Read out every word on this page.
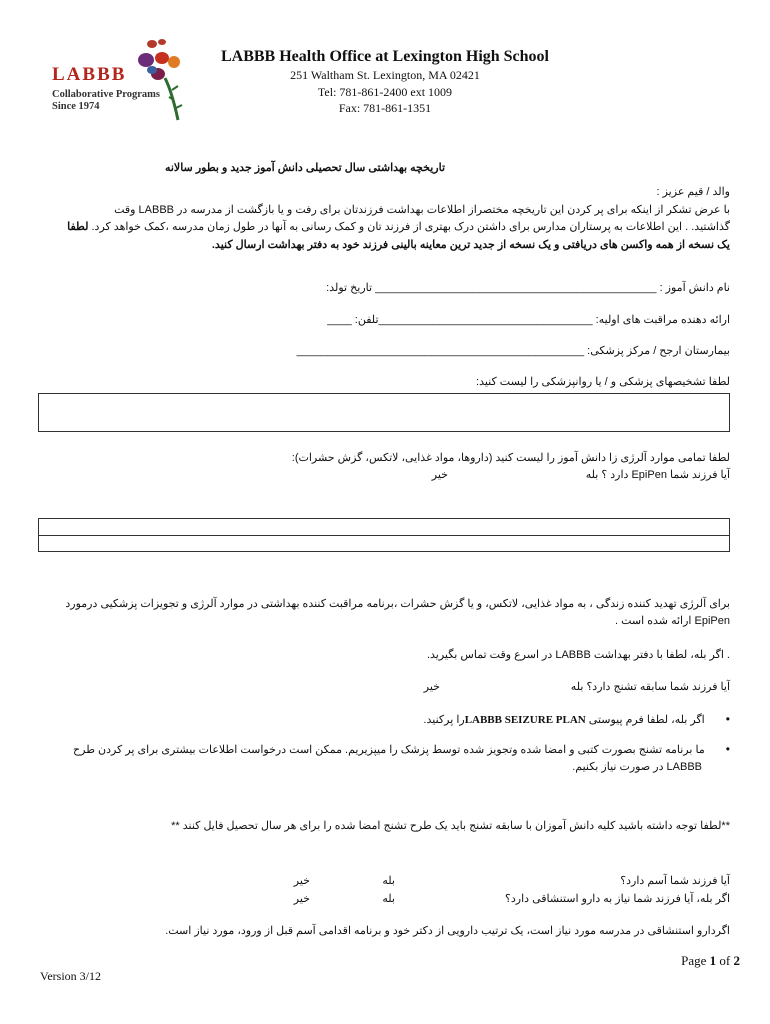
LABBB
Collaborative Programs
Since 1974
LABBB Health Office at Lexington High School
251 Waltham St. Lexington, MA 02421
Tel: 781-861-2400 ext 1009
Fax: 781-861-1351
تاریخچه بهداشتی سال تحصیلی دانش آموز جدید و بطور سالانه
والد / قیم عزیز :
با عرض تشکر از اینکه برای پر کردن این تاریخچه مختصراز اطلاعات بهداشت فرزندتان برای رفت و یا بازگشت از مدرسه در LABBB وقت
گذاشتید. . این اطلاعات به پرستاران مدارس برای داشتن درک بهتری از فرزند تان و کمک رسانی به آنها در طول زمان مدرسه ،کمک خواهد کرد. لطفا
یک نسخه از همه واکسن های دریافتی و یک نسخه از جدید ترین معاینه بالینی فرزند خود به دفتر بهداشت ارسال کنید.
نام دانش آموز : ______________________________________________ تاریخ تولد:
ارائه دهنده مراقبت های اولیه: ___________________________________تلفن: ____
بیمارستان ارجح / مرکز پزشکی: _______________________________________________
لطفا تشخیصهای پزشکی و / یا روانپزشکی را لیست کنید:
لطفا تمامی موارد آلرژی زا دانش آموز را لیست کنید (داروها، مواد غذایی، لاتکس، گزش حشرات):
آیا فرزند شما EpiPen دارد ؟ بله
خیر
برای آلرژی تهدید کننده زندگی ، به مواد غذایی، لاتکس، و یا گزش حشرات ،برنامه مراقبت کننده بهداشتی در موارد آلرژی و تجویزات پزشکیی درمورد
EpiPen ارائه شده است .
. اگر بله، لطفا با دفتر بهداشت LABBB در اسرع وقت تماس بگیرید.
آیا فرزند شما سابقه تشنج دارد؟ بله
خیر
• اگر بله، لطفا فرم پیوستی LABBB SEIZURE PLANرا پرکنید.
• ما برنامه تشنج بصورت کتبی و امضا شده وتجویز شده توسط پزشک را میپزیریم. ممکن است درخواست اطلاعات بیشتری برای پر کردن طرح
LABBB در صورت نیاز بکنیم.
**لطفا توجه داشته باشید کلیه دانش آموزان با سابقه تشنج باید یک طرح تشنج امضا شده را برای هر سال تحصیل فایل کنند **
آیا فرزند شما آسم دارد؟
بله
خیر
اگر بله، آیا فرزند شما نیاز به دارو استنشاقی دارد؟
بله
خیر
اگردارو استنشاقی در مدرسه مورد نیاز است، یک ترتیب دارویی از دکتر خود و برنامه اقدامی آسم قبل از ورود، مورد نیاز است.
Page 1 of 2
Version 3/12
